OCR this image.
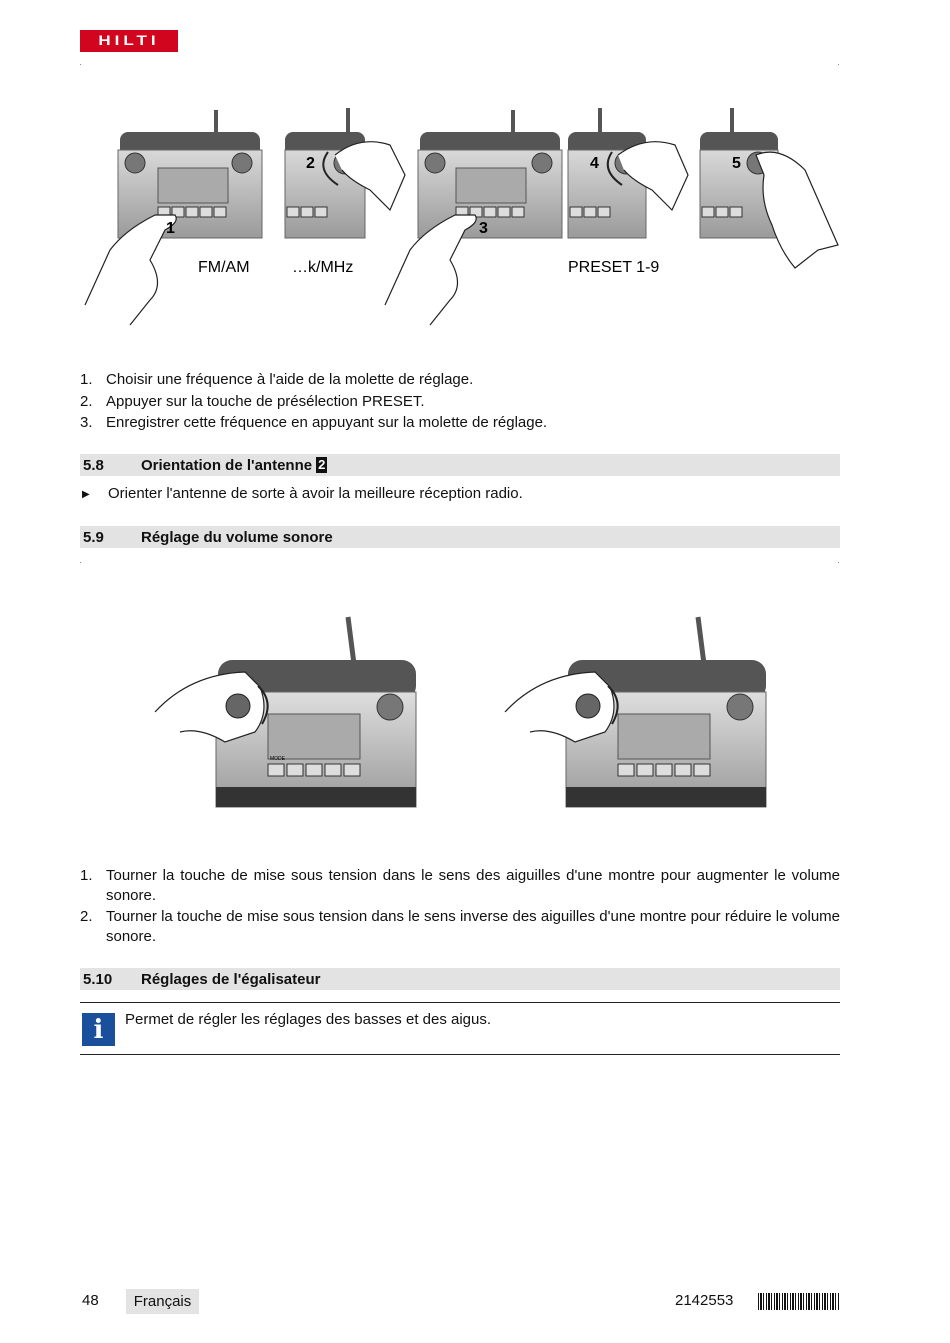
HILTI
1
FM/AM
2
…k/MHz
3
4
PRESET 1-9
5
1. Choisir une fréquence à l'aide de la molette de réglage.
2. Appuyer sur la touche de présélection PRESET.
3. Enregistrer cette fréquence en appuyant sur la molette de réglage.
5.8	Orientation de l'antenne 2
▶	Orienter l'antenne de sorte à avoir la meilleure réception radio.
5.9	Réglage du volume sonore
MODE
1. Tourner la touche de mise sous tension dans le sens des aiguilles d'une montre pour augmenter le volume sonore.
2. Tourner la touche de mise sous tension dans le sens inverse des aiguilles d'une montre pour réduire le volume sonore.
5.10	Réglages de l'égalisateur
i	Permet de régler les réglages des basses et des aigus.
48	Français	2142553
